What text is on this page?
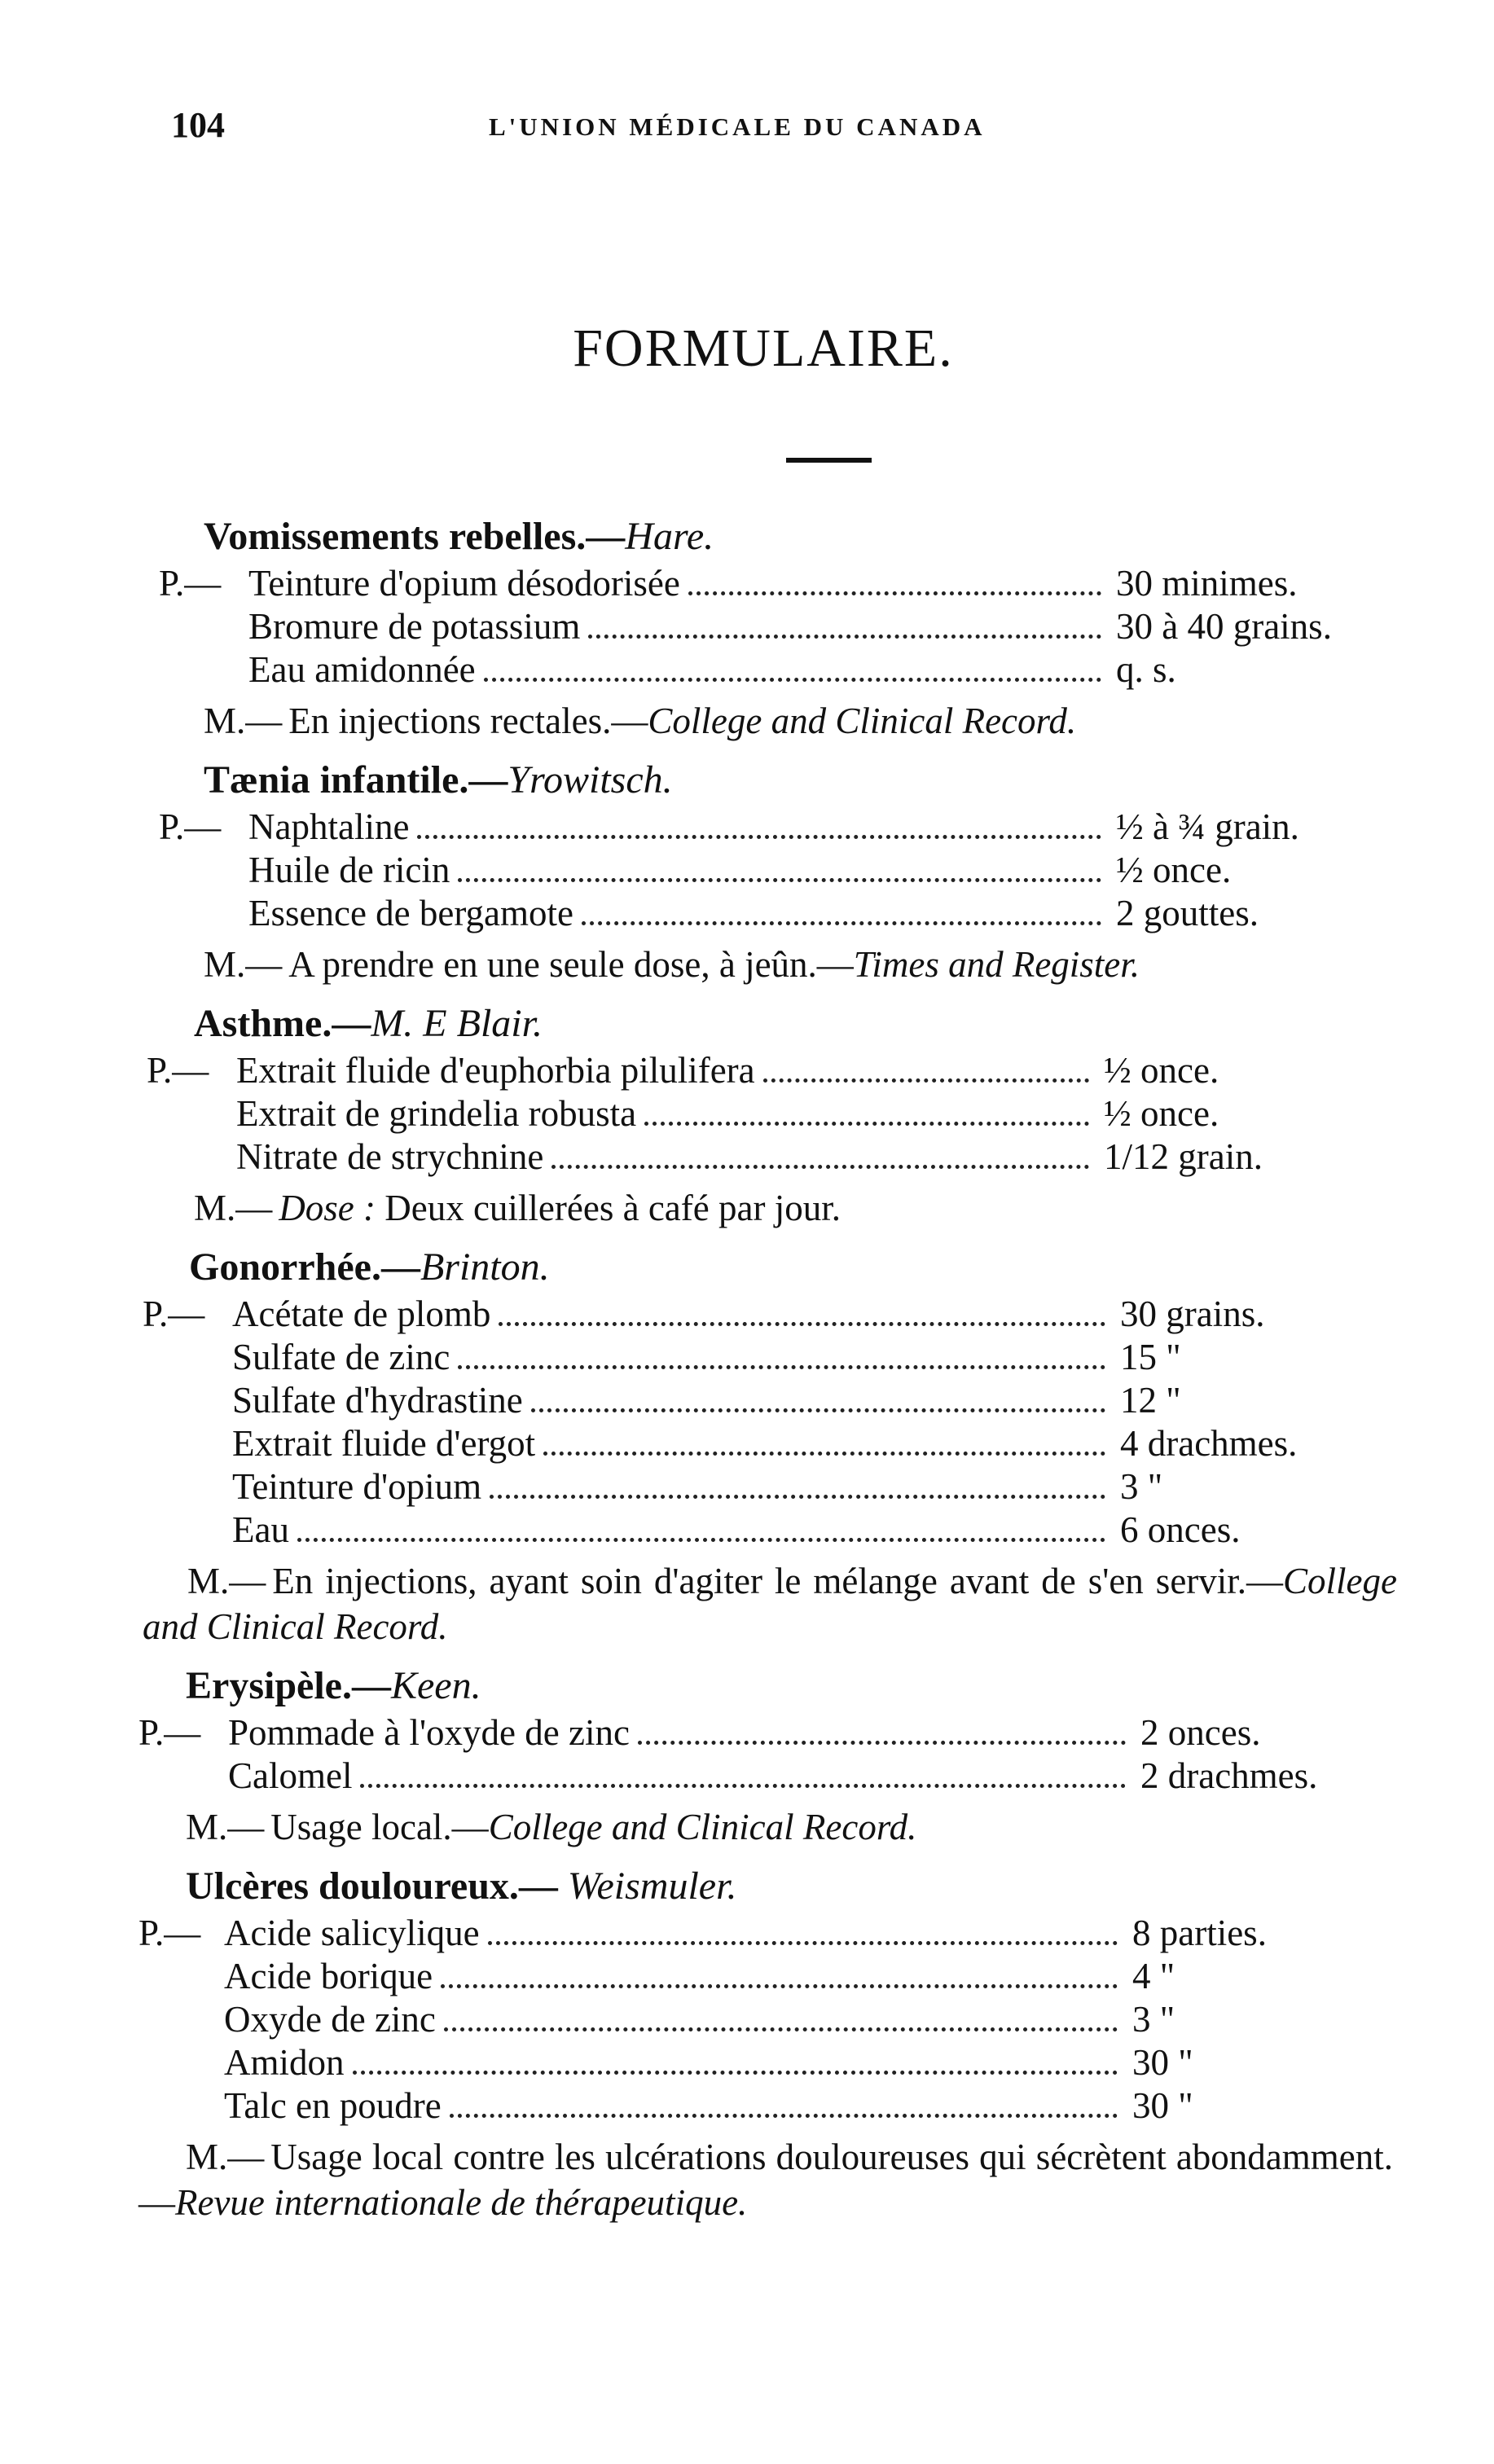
104	L'UNION MÉDICALE DU CANADA
FORMULAIRE.
Vomissements rebelles.—Hare.
P.— Teinture d'opium désodorisée	30 minimes.
Bromure de potassium	30 à 40 grains.
Eau amidonnée	q. s.
M.— En injections rectales.—College and Clinical Record.
Tænia infantile.—Yrowitsch.
P.— Naphtaline	½ à ¾ grain.
Huile de ricin	½ once.
Essence de bergamote	2 gouttes.
M.— A prendre en une seule dose, à jeûn.—Times and Register.
Asthme.—M. E Blair.
P.— Extrait fluide d'euphorbia pilulifera	½ once.
Extrait de grindelia robusta	½ once.
Nitrate de strychnine	1/12 grain.
M.— Dose : Deux cuillerées à café par jour.
Gonorrhée.—Brinton.
P.— Acétate de plomb	30 grains.
Sulfate de zinc	15 "
Sulfate d'hydrastine	12 "
Extrait fluide d'ergot	4 drachmes.
Teinture d'opium	3 "
Eau	6 onces.
M.— En injections, ayant soin d'agiter le mélange avant de s'en servir.—College and Clinical Record.
Erysipèle.—Keen.
P.— Pommade à l'oxyde de zinc	2 onces.
Calomel	2 drachmes.
M.— Usage local.—College and Clinical Record.
Ulcères douloureux.— Weismuler.
P.— Acide salicylique	8 parties.
Acide borique	4 "
Oxyde de zinc	3 "
Amidon	30 "
Talc en poudre	30 "
M.— Usage local contre les ulcérations douloureuses qui sécrètent abondamment.—Revue internationale de thérapeutique.
